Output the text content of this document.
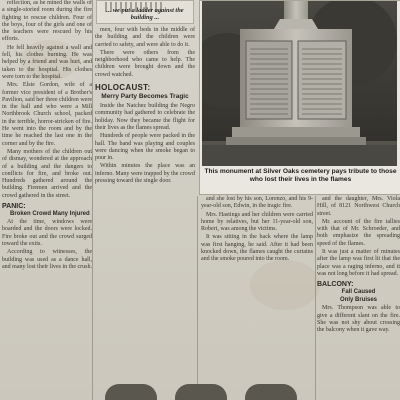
reflection, as he mined the walls of a single-storied room during the fire fighting to rescue children. Four of the boys, four of the girls and one of the teachers were rescued by his efforts.

He fell heavily against a wall and fell, his clothes burning. He was helped by a friend and was hurt, and taken to the hospital. His clothes were torn to the hospital.

Mrs. Elsie Gordon, wife of a former vice president of a Brother's Pavilion, said her three children were in the hall and who were a Mill Northbrook Church school, packed in the terrible, horror-stricken of fire. He went into the room and by the time he reached the last one in the corner and by the fire.

Many mothers of the children out of dismay, wondered at the approach of a building and the dangers to conflicts for fire, and broke out. Hundreds gathered around the building. Firemen arrived and the crowd gathered in the street.

PANIC:
Broken Crowd Many Injured

At the time, windows were boarded and the doors were locked. Fire broke out and the crowd surged toward the exits.

According to witnesses, the building was used as a dance hall, and many lost their lives in the crush.

... we put a ladder against the building ...

men, four with beds in the middle of the building and the children were carried to safety, and were able to do it.

There were others from the neighborhood who came to help. The children were brought down and the crowd watched.

HOLOCAUST:
Merry Party Becomes Tragic

Inside the Natchez building the Negro community had gathered to celebrate the holiday. Now they became the flight for their lives as the flames spread.

Hundreds of people were packed in the hall. The band was playing and couples were dancing when the smoke began to pour in.

Within minutes the place was an inferno. Many were trapped by the crowd pressing toward the single door.

This monument at Silver Oaks cemetery pays tribute to those who lost their lives in the flames

and she lost by his son, Lorenzo, and his 9-year-old son, Edwin, in the tragic fire.

Mrs. Hastings and her children were carried home by relatives, but her 11-year-old son, Robert, was among the victims.

It was sitting in the back where the lamp was first hanging, he said. After it had been knocked down, the flames caught the curtains and the smoke poured into the room.

and the daughter, Mrs. Viola Hill, of 8121 Northwest Church street.

Mr. account of the fire tallies with that of Mr. Schroeder, and both emphasize the spreading speed of the flames.

It was just a matter of minutes after the lamp was first lit that the place was a raging inferno, and it was not long before it had spread.

BALCONY:
Fall Caused
Only Bruises

Mrs. Thompson was able to give a different slant on the fire. She was not shy about crossing the balcony when it gave way.
